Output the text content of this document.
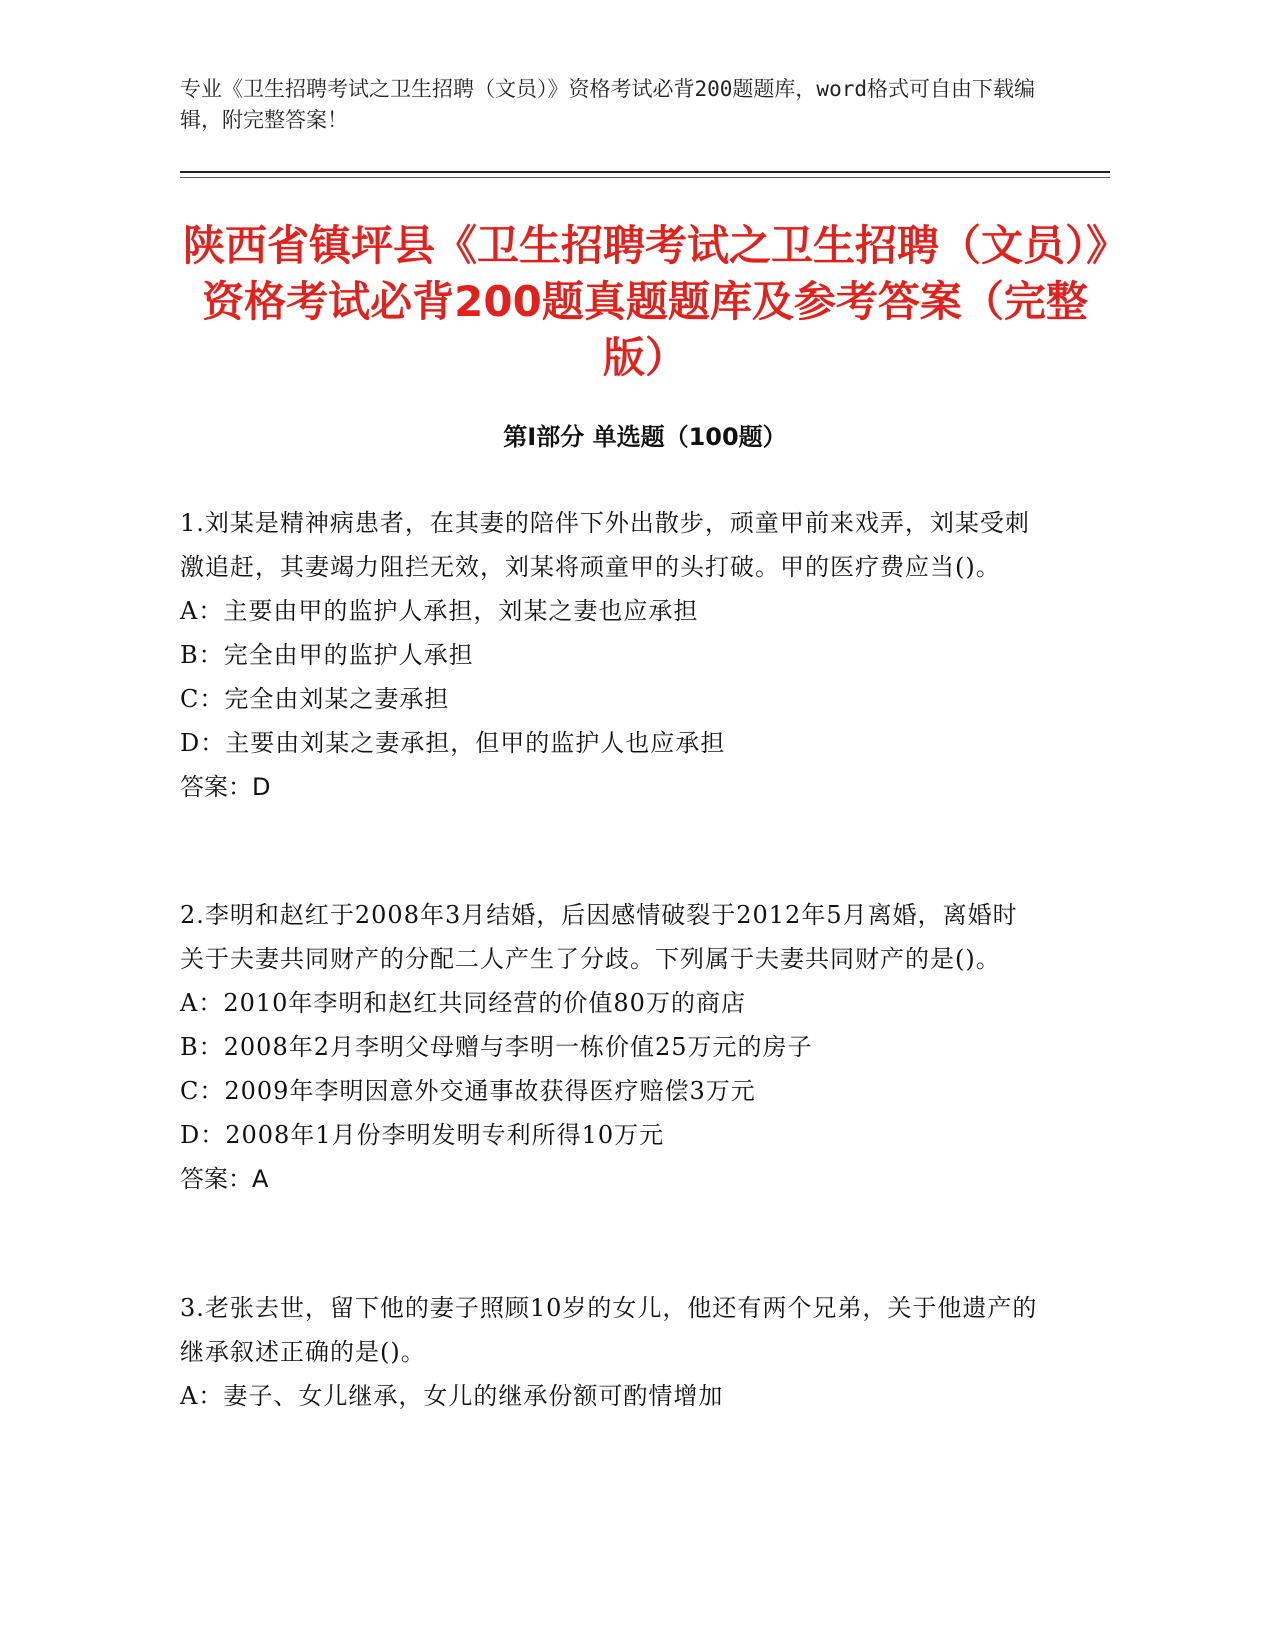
专业《卫生招聘考试之卫生招聘（文员）》资格考试必背200题题库，word格式可自由下载编辑，附完整答案！
陕西省镇坪县《卫生招聘考试之卫生招聘（文员）》资格考试必背200题真题题库及参考答案（完整版）
第Ⅰ部分 单选题（100题）
1.刘某是精神病患者，在其妻的陪伴下外出散步，顽童甲前来戏弄，刘某受刺激追赶，其妻竭力阻拦无效，刘某将顽童甲的头打破。甲的医疗费应当()。
A：主要由甲的监护人承担，刘某之妻也应承担
B：完全由甲的监护人承担
C：完全由刘某之妻承担
D：主要由刘某之妻承担，但甲的监护人也应承担
答案：D
2.李明和赵红于2008年3月结婚，后因感情破裂于2012年5月离婚，离婚时关于夫妻共同财产的分配二人产生了分歧。下列属于夫妻共同财产的是()。
A：2010年李明和赵红共同经营的价值80万的商店
B：2008年2月李明父母赠与李明一栋价值25万元的房子
C：2009年李明因意外交通事故获得医疗赔偿3万元
D：2008年1月份李明发明专利所得10万元
答案：A
3.老张去世，留下他的妻子照顾10岁的女儿，他还有两个兄弟，关于他遗产的继承叙述正确的是()。
A：妻子、女儿继承，女儿的继承份额可酌情增加
